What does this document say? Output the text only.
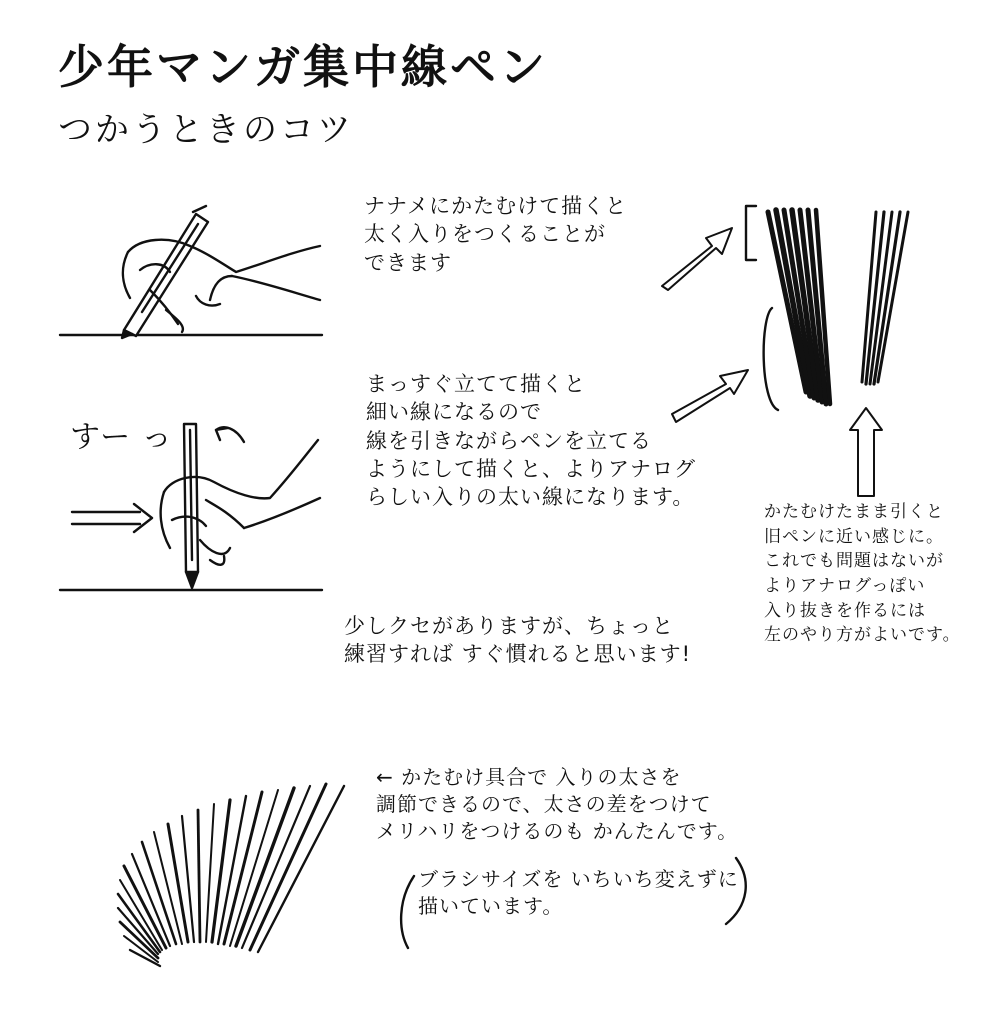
少年マンガ集中線ペン
つかうときのコツ
ナナメにかたむけて描くと
太く入りをつくることが
できます
まっすぐ立てて描くと
細い線になるので
線を引きながらペンを立てる
ようにして描くと、よりアナログ
らしい入りの太い線になります。
すー っ
少しクセがありますが、ちょっと
練習すれば すぐ慣れると思います!
かたむけたまま引くと
旧ペンに近い感じに。
これでも問題はないが
よりアナログっぽい
入り抜きを作るには
左のやり方がよいです。
← かたむけ具合で 入りの太さを
調節できるので、太さの差をつけて
メリハリをつけるのも かんたんです。
ブラシサイズを いちいち変えずに
描いています。
